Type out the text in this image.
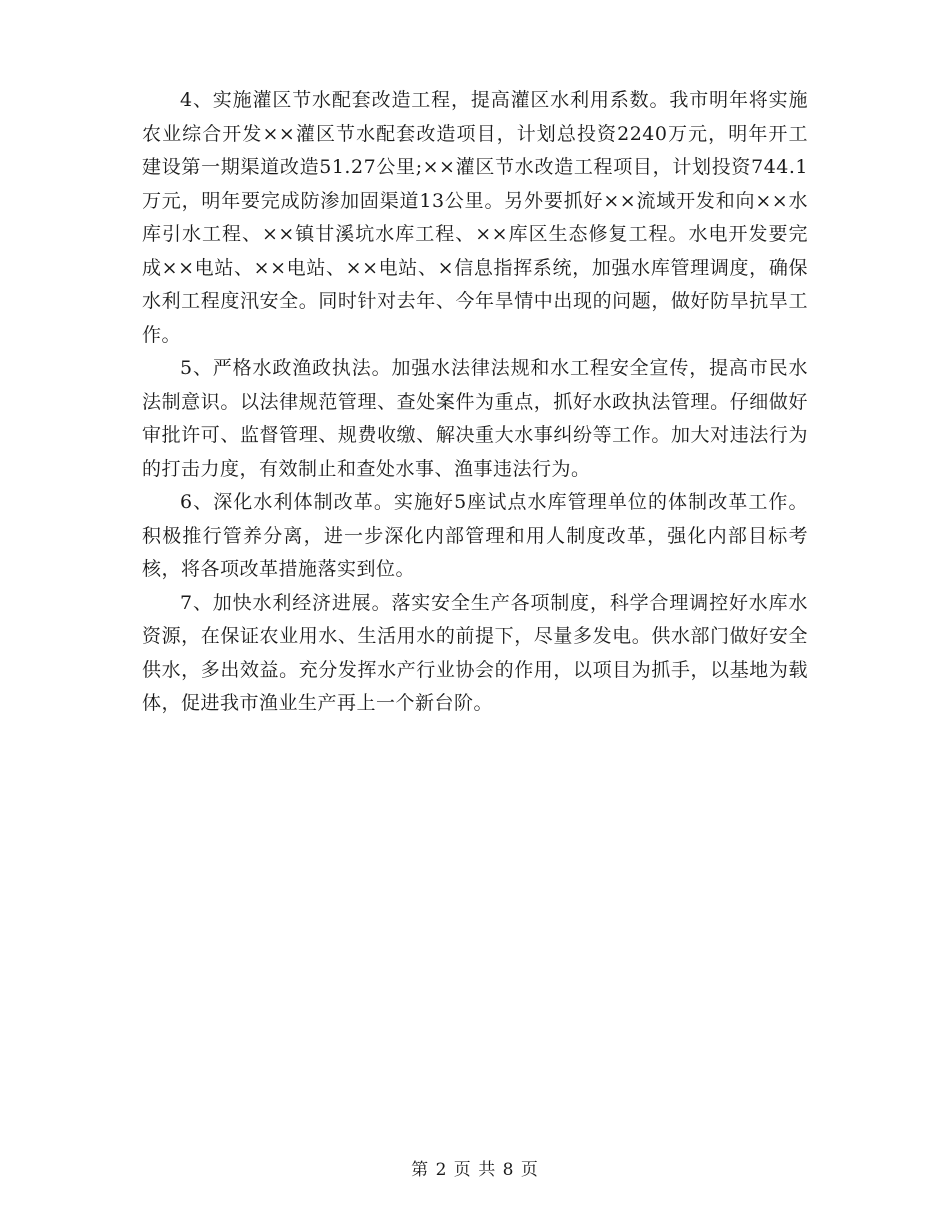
4、实施灌区节水配套改造工程，提高灌区水利用系数。我市明年将实施农业综合开发××灌区节水配套改造项目，计划总投资2240万元，明年开工建设第一期渠道改造51.27公里;××灌区节水改造工程项目，计划投资744.1万元，明年要完成防渗加固渠道13公里。另外要抓好××流域开发和向××水库引水工程、××镇甘溪坑水库工程、××库区生态修复工程。水电开发要完成××电站、××电站、××电站、×信息指挥系统，加强水库管理调度，确保水利工程度汛安全。同时针对去年、今年旱情中出现的问题，做好防旱抗旱工作。

5、严格水政渔政执法。加强水法律法规和水工程安全宣传，提高市民水法制意识。以法律规范管理、查处案件为重点，抓好水政执法管理。仔细做好审批许可、监督管理、规费收缴、解决重大水事纠纷等工作。加大对违法行为的打击力度，有效制止和查处水事、渔事违法行为。

6、深化水利体制改革。实施好5座试点水库管理单位的体制改革工作。积极推行管养分离，进一步深化内部管理和用人制度改革，强化内部目标考核，将各项改革措施落实到位。

7、加快水利经济进展。落实安全生产各项制度，科学合理调控好水库水资源，在保证农业用水、生活用水的前提下，尽量多发电。供水部门做好安全供水，多出效益。充分发挥水产行业协会的作用，以项目为抓手，以基地为载体，促进我市渔业生产再上一个新台阶。

第 2 页 共 8 页
